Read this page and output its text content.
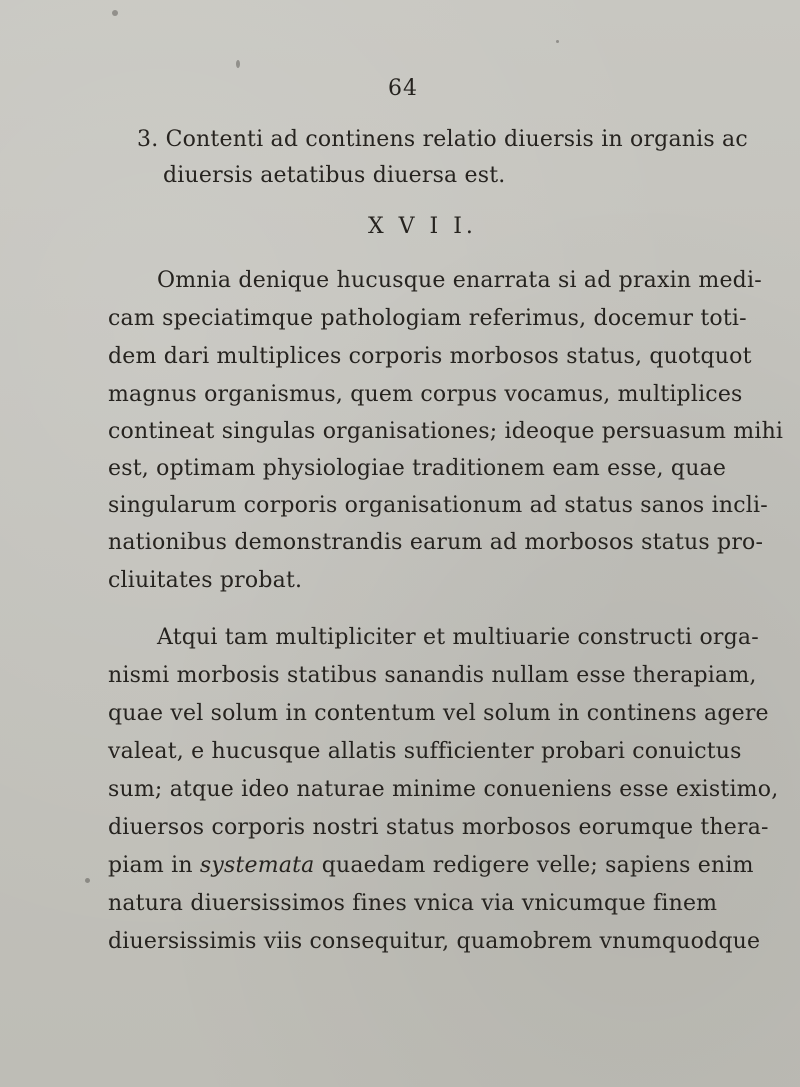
64
3. Contenti ad continens relatio diuersis in organis ac
diuersis aetatibus diuersa est.
X V I I.
Omnia denique hucusque enarrata si ad praxin medi-
cam speciatimque pathologiam referimus, docemur toti-
dem dari multiplices corporis morbosos status, quotquot
magnus organismus, quem corpus vocamus, multiplices
contineat singulas organisationes; ideoque persuasum mihi
est, optimam physiologiae traditionem eam esse, quae
singularum corporis organisationum ad status sanos incli-
nationibus demonstrandis earum ad morbosos status pro-
cliuitates probat.
Atqui tam multipliciter et multiuarie constructi orga-
nismi morbosis statibus sanandis nullam esse therapiam,
quae vel solum in contentum vel solum in continens agere
valeat, e hucusque allatis sufficienter probari conuictus
sum; atque ideo naturae minime conueniens esse existimo,
diuersos corporis nostri status morbosos eorumque thera-
piam in systemata quaedam redigere velle; sapiens enim
natura diuersissimos fines vnica via vnicumque finem
diuersissimis viis consequitur, quamobrem vnumquodque
